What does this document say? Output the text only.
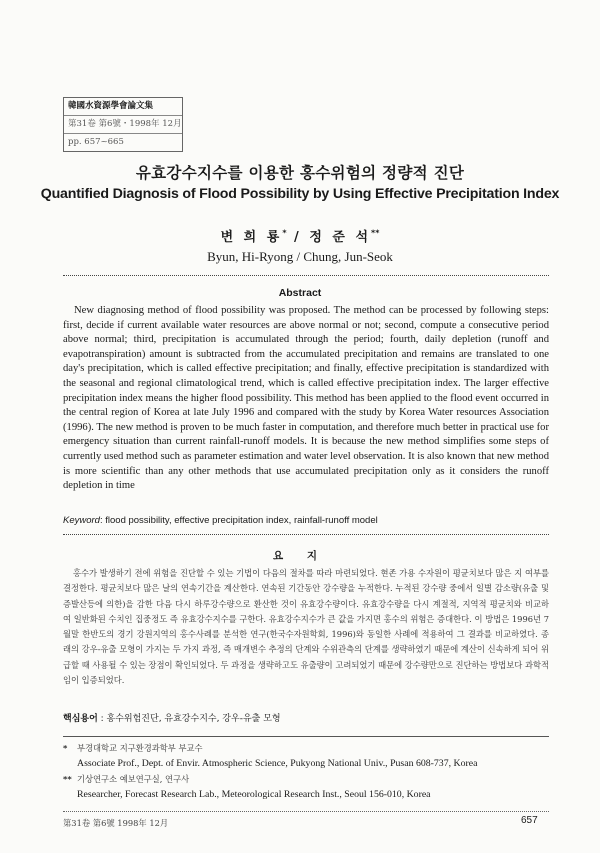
韓國水資源學會論文集
第31卷 第6號・1998年 12月
pp. 657~665
유효강수지수를 이용한 홍수위험의 정량적 진단
Quantified Diagnosis of Flood Possibility by Using Effective Precipitation Index
변 희 룡* / 정 준 석**
Byun, Hi-Ryong / Chung, Jun-Seok
Abstract

New diagnosing method of flood possibility was proposed. The method can be processed by following steps: first, decide if current available water resources are above normal or not; second, compute a consecutive period above normal; third, precipitation is accumulated through the period; fourth, daily depletion (runoff and evapotranspiration) amount is subtracted from the accumulated precipitation and remains are translated to one day's precipitation, which is called effective precipitation; and finally, effective precipitation is standardized with the seasonal and regional climatological trend, which is called effective precipitation index. The larger effective precipitation index means the higher flood possibility. This method has been applied to the flood event occurred in the central region of Korea at late July 1996 and compared with the study by Korea Water resources Association (1996). The new method is proven to be much faster in computation, and therefore much better in practical use for emergency situation than current rainfall-runoff models. It is because the new method simplifies some steps of currently used method such as parameter estimation and water level observation. It is also known that new method is more scientific than any other methods that use accumulated precipitation only as it considers the runoff depletion in time

Keyword: flood possibility, effective precipitation index, rainfall-runoff model
요 지

홍수가 발생하기 전에 위험을 진단할 수 있는 기법이 다음의 절차를 따라 마련되었다. 현존 가용 수자원이 평균치보다 많은 지 여부를 결정한다. 평균치보다 많은 날의 연속기간을 계산한다. 연속된 기간동안 강수량을 누적한다. 누적된 강수량 중에서 일별 감소량(유출 및 증발산등에 의한)을 감한 다음 다시 하루강수량으로 환산한 것이 유효강수량이다. 유효강수량을 다시 계절적, 지역적 평균치와 비교하여 일반화된 수치인 집중정도 즉 유효강수지수를 구한다. 유효강수지수가 큰 값을 가지면 홍수의 위험은 증대한다. 이 방법은 1996년 7월말 한반도의 경기 강원지역의 홍수사례를 분석한 연구(한국수자원학회, 1996)와 동일한 사례에 적용하여 그 결과를 비교하였다. 종래의 강우-유출 모형이 가지는 두 가지 과정, 즉 매개변수 추정의 단계와 수위관측의 단계를 생략하였기 때문에 계산이 신속하게 되어 위급할 때 사용될 수 있는 장점이 확인되었다. 두 과정을 생략하고도 유출량이 고려되었기 때문에 강수량만으로 진단하는 방법보다 과학적임이 입증되었다.

핵심용어 : 홍수위험진단, 유효강수지수, 강우-유출 모형
* 부경대학교 지구환경과학부 부교수
Associate Prof., Dept. of Envir. Atmospheric Science, Pukyong National Univ., Pusan 608-737, Korea
** 기상연구소 예보연구실, 연구사
Researcher, Forecast Research Lab., Meteorological Research Inst., Seoul 156-010, Korea
第31卷 第6號 1998年 12月	657
